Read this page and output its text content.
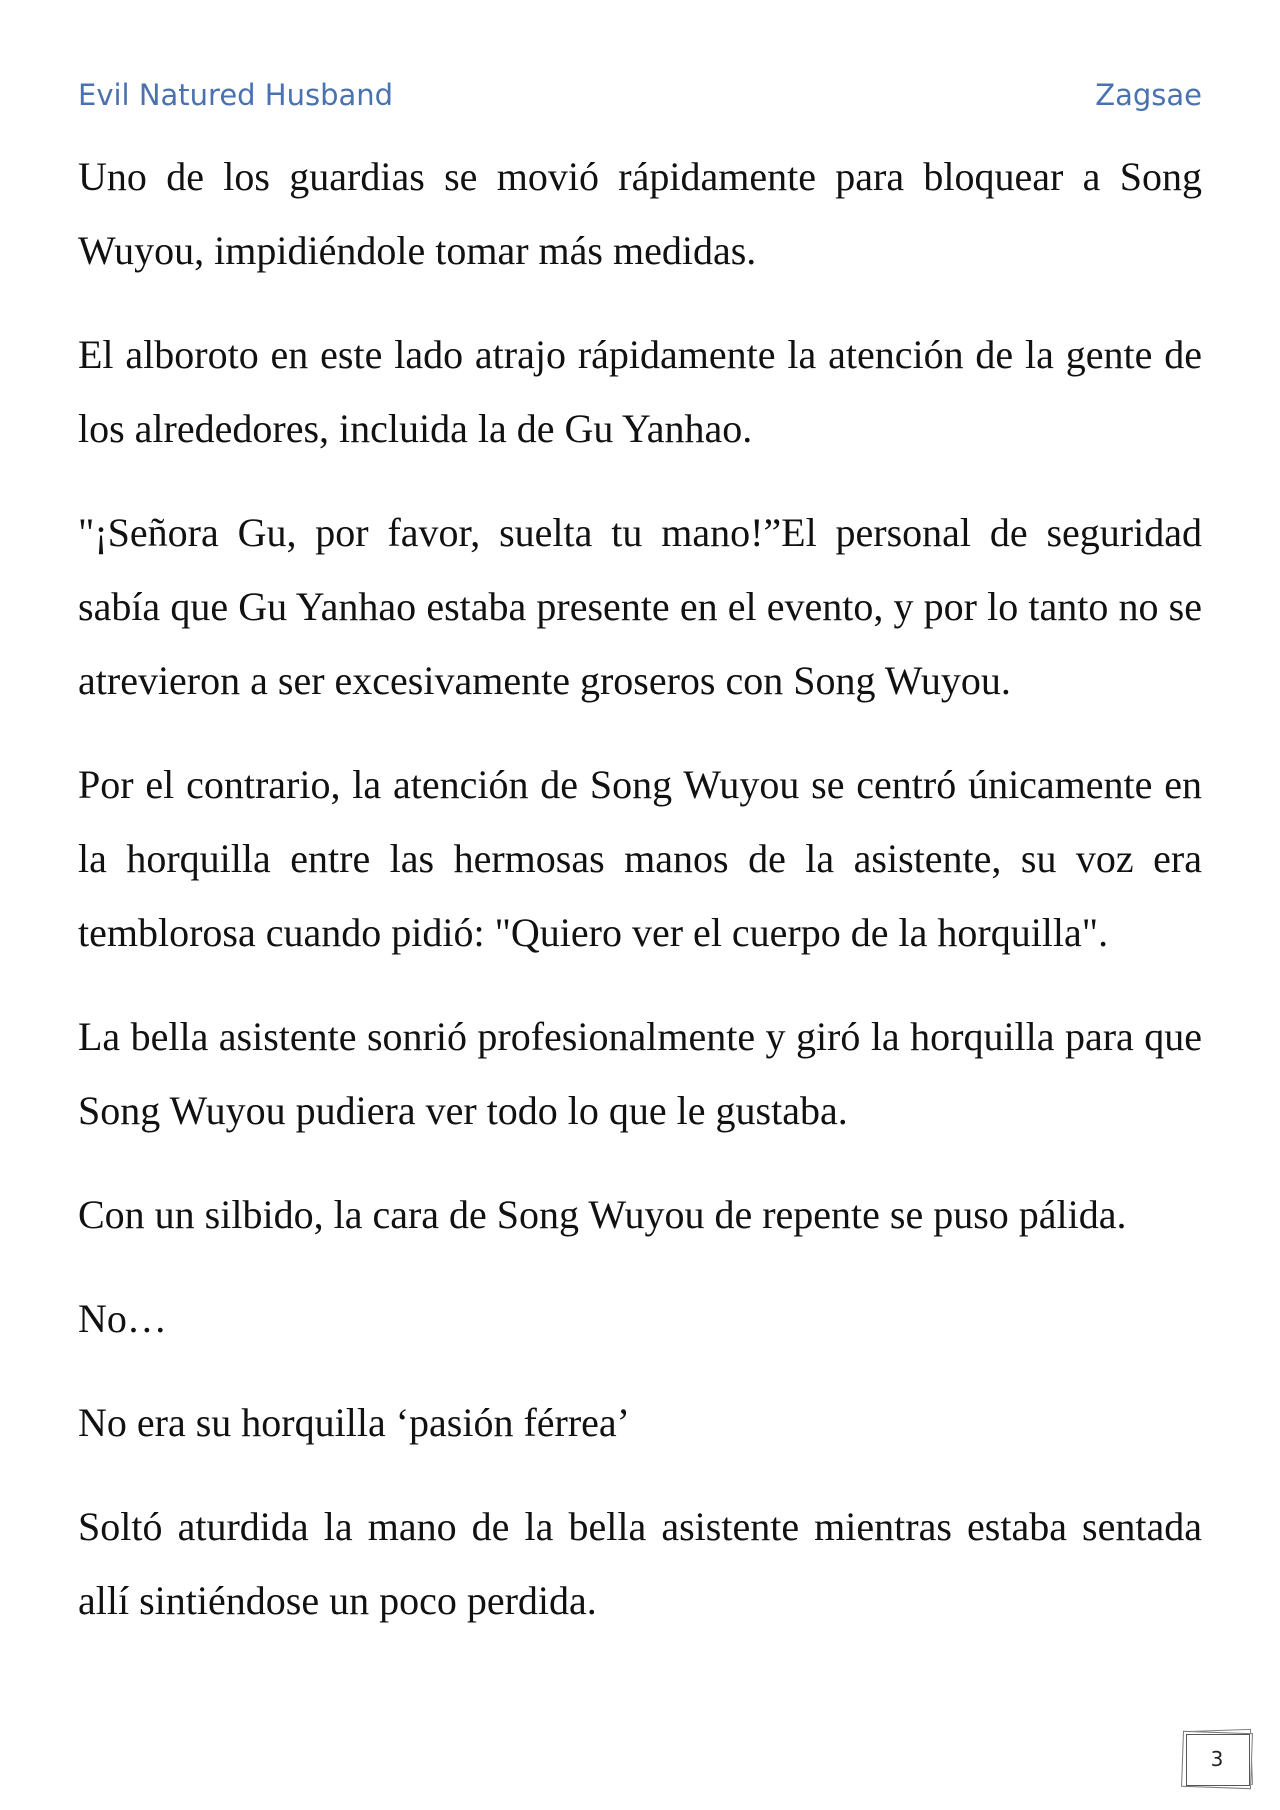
Evil Natured Husband	Zagsae

Uno de los guardias se movió rápidamente para bloquear a Song Wuyou, impidiéndole tomar más medidas.

El alboroto en este lado atrajo rápidamente la atención de la gente de los alrededores, incluida la de Gu Yanhao.

"¡Señora Gu, por favor, suelta tu mano!”El personal de seguridad sabía que Gu Yanhao estaba presente en el evento, y por lo tanto no se atrevieron a ser excesivamente groseros con Song Wuyou.

Por el contrario, la atención de Song Wuyou se centró únicamente en la horquilla entre las hermosas manos de la asistente, su voz era temblorosa cuando pidió: "Quiero ver el cuerpo de la horquilla".

La bella asistente sonrió profesionalmente y giró la horquilla para que Song Wuyou pudiera ver todo lo que le gustaba.

Con un silbido, la cara de Song Wuyou de repente se puso pálida.

No…

No era su horquilla ‘pasión férrea’

Soltó aturdida la mano de la bella asistente mientras estaba sentada allí sintiéndose un poco perdida.

3
